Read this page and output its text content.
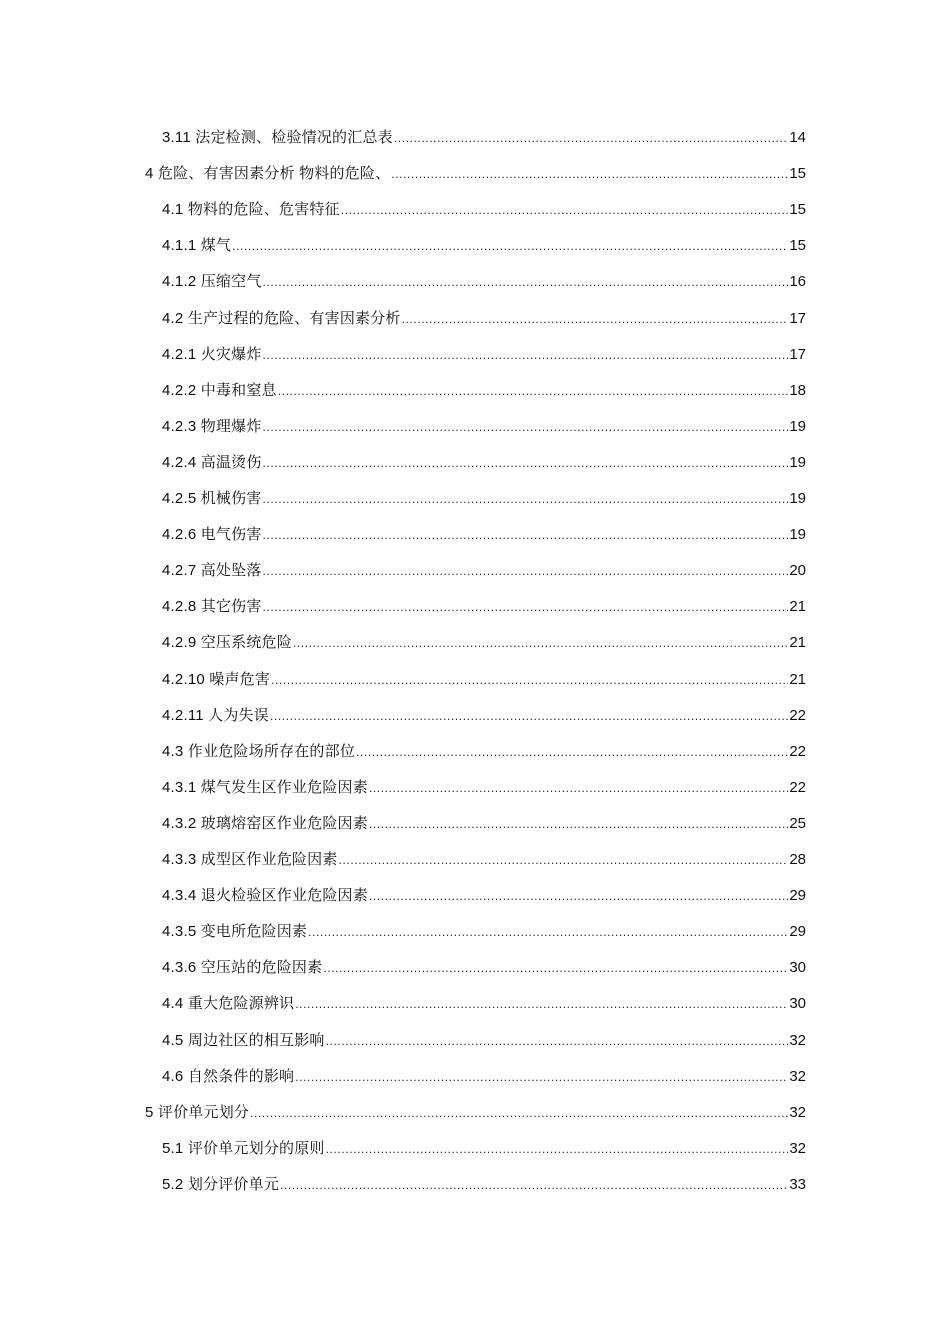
3.11 法定检测、检验情况的汇总表 .....	14
4 危险、有害因素分析 物料的危险、 .....	15
4.1 物料的危险、危害特征 .....	15
4.1.1 煤气 .....	15
4.1.2 压缩空气 .....	16
4.2 生产过程的危险、有害因素分析 .....	17
4.2.1 火灾爆炸 .....	17
4.2.2 中毒和窒息 .....	18
4.2.3 物理爆炸 .....	19
4.2.4 高温烫伤 .....	19
4.2.5 机械伤害 .....	19
4.2.6 电气伤害 .....	19
4.2.7 高处坠落 .....	20
4.2.8 其它伤害 .....	21
4.2.9 空压系统危险 .....	21
4.2.10 噪声危害 .....	21
4.2.11 人为失误 .....	22
4.3 作业危险场所存在的部位 .....	22
4.3.1 煤气发生区作业危险因素 .....	22
4.3.2 玻璃熔窑区作业危险因素 .....	25
4.3.3 成型区作业危险因素 .....	28
4.3.4 退火检验区作业危险因素 .....	29
4.3.5 变电所危险因素 .....	29
4.3.6 空压站的危险因素 .....	30
4.4 重大危险源辨识 .....	30
4.5 周边社区的相互影响 .....	32
4.6 自然条件的影响 .....	32
5 评价单元划分 .....	32
5.1 评价单元划分的原则 .....	32
5.2 划分评价单元 .....	33
